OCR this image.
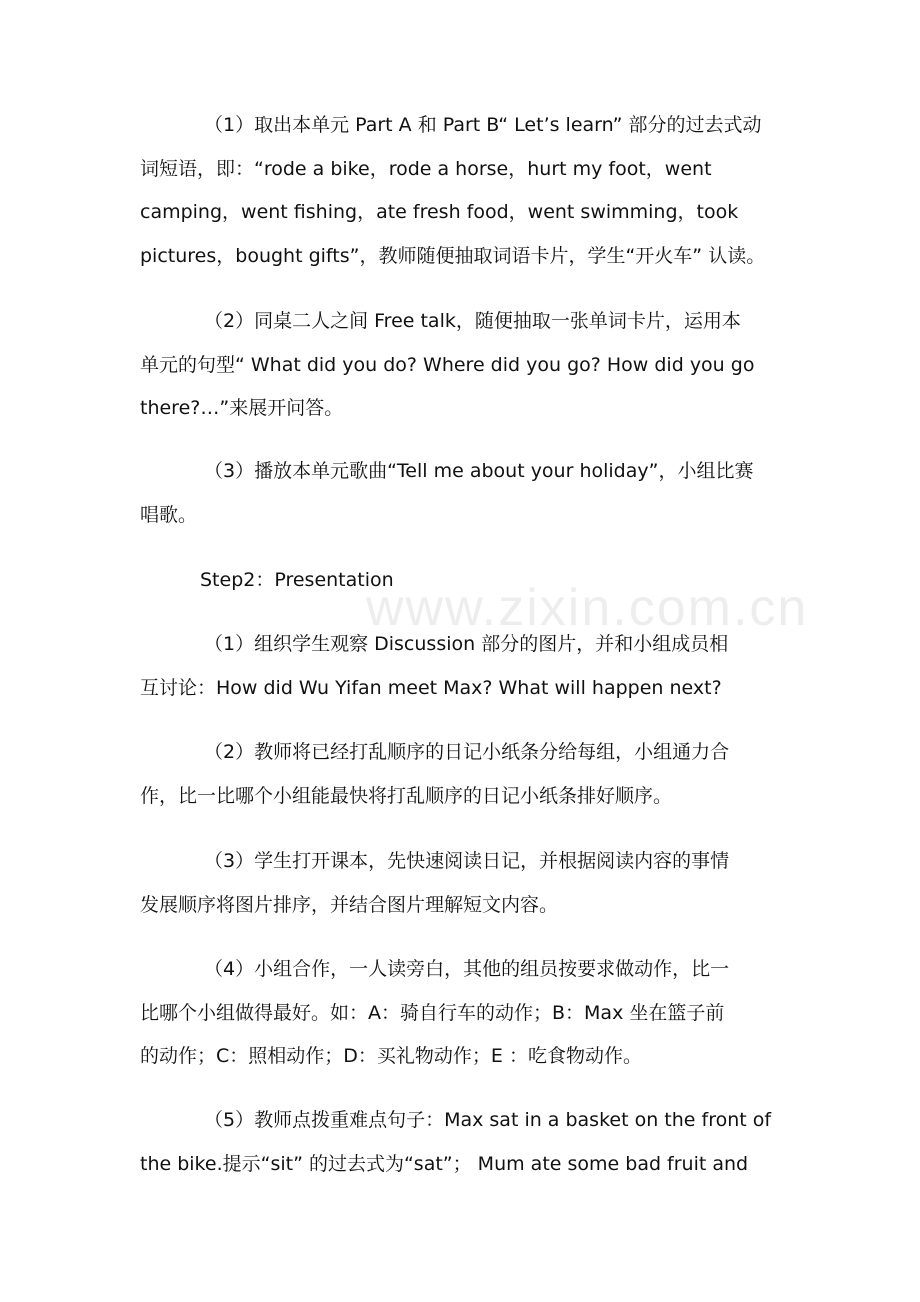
www.zixin.com.cn

（1）取出本单元 Part A 和 Part B“ Let’s learn” 部分的过去式动
词短语，即：“rode a bike，rode a horse，hurt my foot，went
camping，went fishing，ate fresh food，went swimming，took
pictures，bought gifts”，教师随便抽取词语卡片，学生“开火车” 认读。

（2）同桌二人之间 Free talk，随便抽取一张单词卡片，运用本
单元的句型“ What did you do? Where did you go? How did you go
there?…”来展开问答。

（3）播放本单元歌曲“Tell me about your holiday”，小组比赛
唱歌。

Step2：Presentation

（1）组织学生观察 Discussion 部分的图片，并和小组成员相
互讨论：How did Wu Yifan meet Max? What will happen next?

（2）教师将已经打乱顺序的日记小纸条分给每组，小组通力合
作，比一比哪个小组能最快将打乱顺序的日记小纸条排好顺序。

（3）学生打开课本，先快速阅读日记，并根据阅读内容的事情
发展顺序将图片排序，并结合图片理解短文内容。

（4）小组合作，一人读旁白，其他的组员按要求做动作，比一
比哪个小组做得最好。如：A：骑自行车的动作；B：Max 坐在篮子前
的动作；C：照相动作；D：买礼物动作；E ：吃食物动作。

（5）教师点拨重难点句子：Max sat in a basket on the front of
the bike.提示“sit” 的过去式为“sat”； Mum ate some bad fruit and
